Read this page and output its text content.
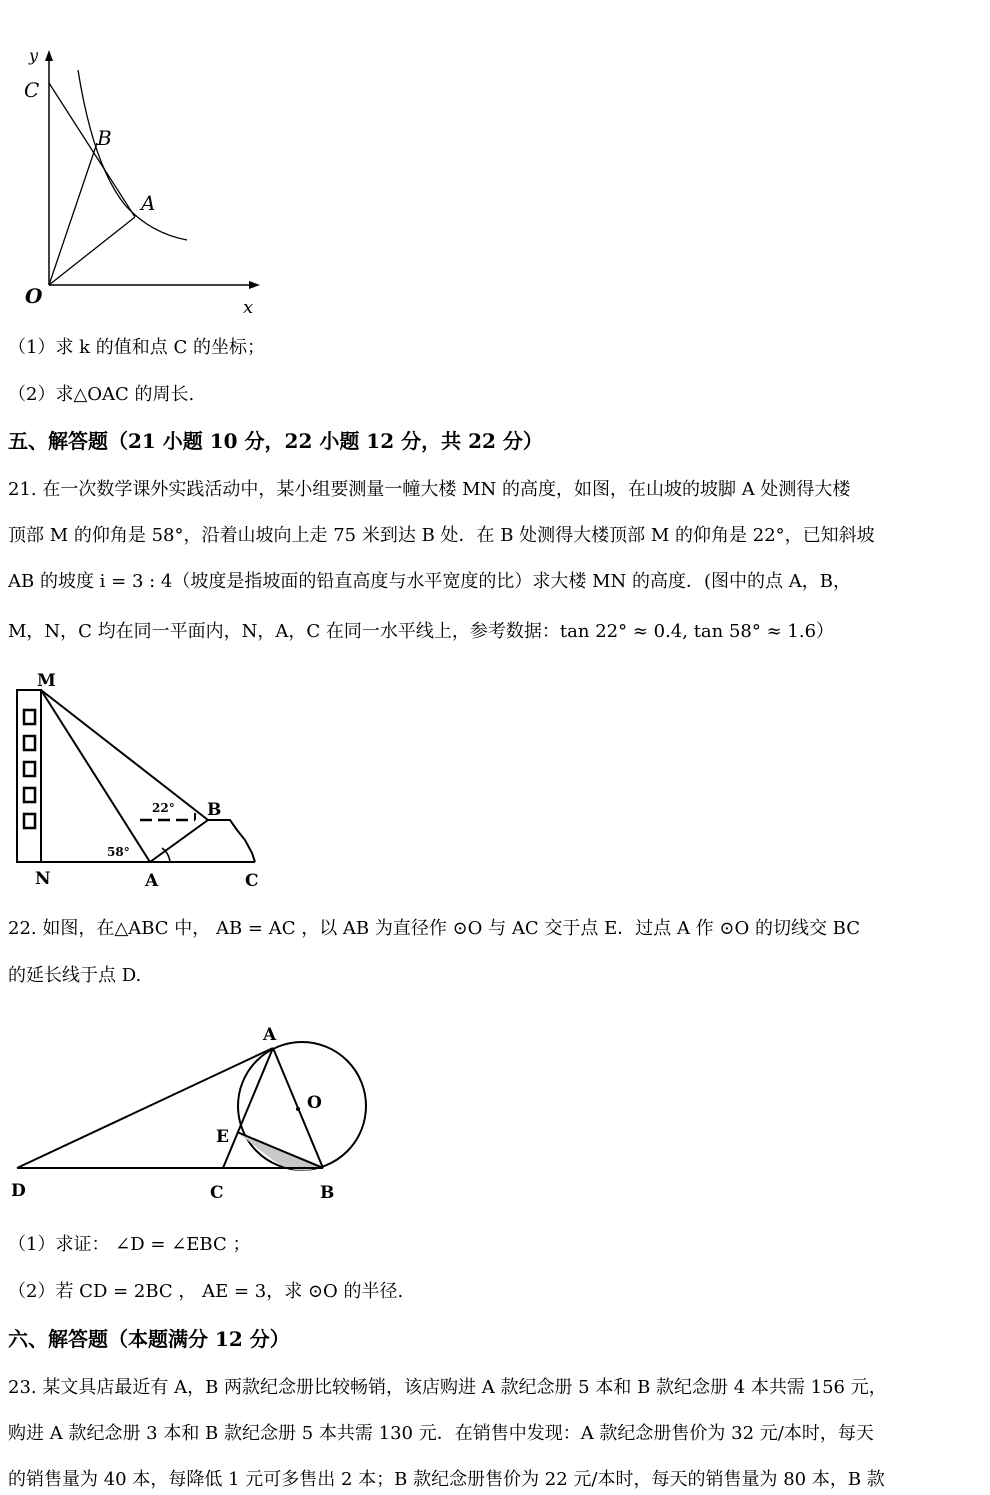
y
C
B
A
O	x
（1）求 k 的值和点 C 的坐标；
（2）求△OAC 的周长.
五、解答题（21 小题 10 分，22 小题 12 分，共 22 分）
21. 在一次数学课外实践活动中，某小组要测量一幢大楼 MN 的高度，如图，在山坡的坡脚 A 处测得大楼
顶部 M 的仰角是 58°，沿着山坡向上走 75 米到达 B 处．在 B 处测得大楼顶部 M 的仰角是 22°，已知斜坡
AB 的坡度 i = 3 : 4（坡度是指坡面的铅直高度与水平宽度的比）求大楼 MN 的高度．(图中的点 A，B，
M，N，C 均在同一平面内，N，A，C 在同一水平线上，参考数据：tan 22° ≈ 0.4, tan 58° ≈ 1.6）
M
N	A	C
B
22°
58°
22. 如图，在△ABC 中， AB = AC ，以 AB 为直径作 ⊙O 与 AC 交于点 E．过点 A 作 ⊙O 的切线交 BC
的延长线于点 D.
A
O
E
D	C	B
（1）求证： ∠D = ∠EBC ；
（2）若 CD = 2BC ， AE = 3，求 ⊙O 的半径.
六、解答题（本题满分 12 分）
23. 某文具店最近有 A，B 两款纪念册比较畅销，该店购进 A 款纪念册 5 本和 B 款纪念册 4 本共需 156 元，
购进 A 款纪念册 3 本和 B 款纪念册 5 本共需 130 元．在销售中发现：A 款纪念册售价为 32 元/本时，每天
的销售量为 40 本，每降低 1 元可多售出 2 本；B 款纪念册售价为 22 元/本时，每天的销售量为 80 本，B 款
